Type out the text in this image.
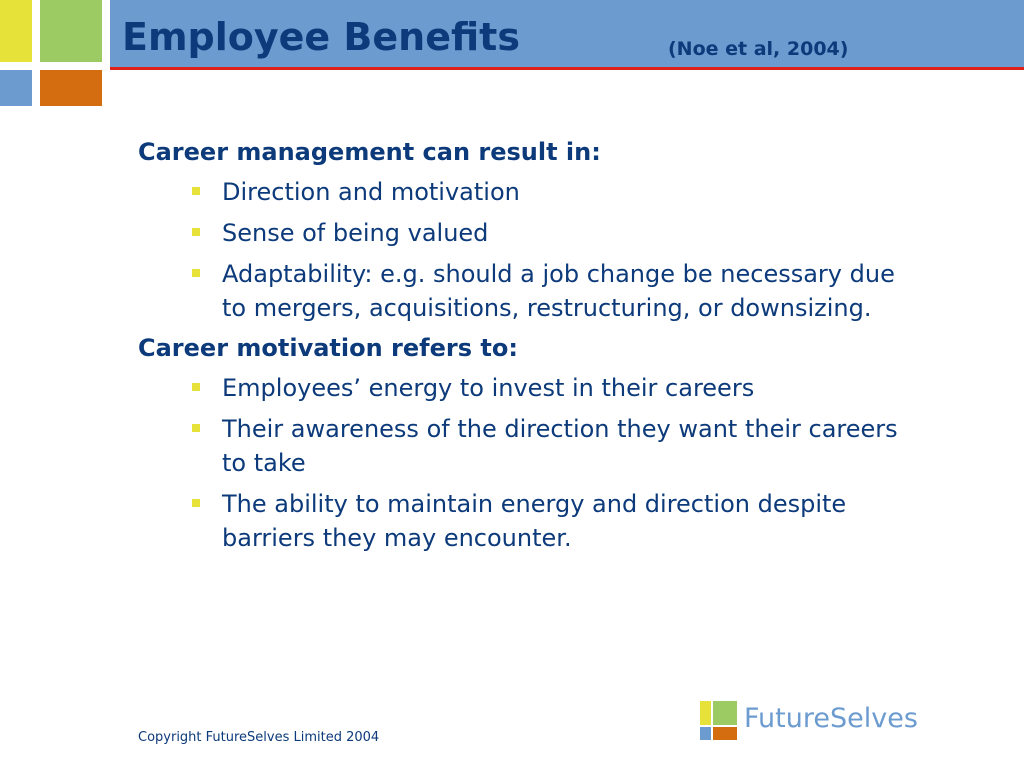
Employee Benefits	(Noe et al, 2004)

Career management can result in:

Direction and motivation
Sense of being valued
Adaptability: e.g. should a job change be necessary due to mergers, acquisitions, restructuring, or downsizing.

Career motivation refers to:

Employees’ energy to invest in their careers
Their awareness of the direction they want their careers to take
The ability to maintain energy and direction despite barriers they may encounter.
Copyright FutureSelves Limited 2004
FutureSelves
